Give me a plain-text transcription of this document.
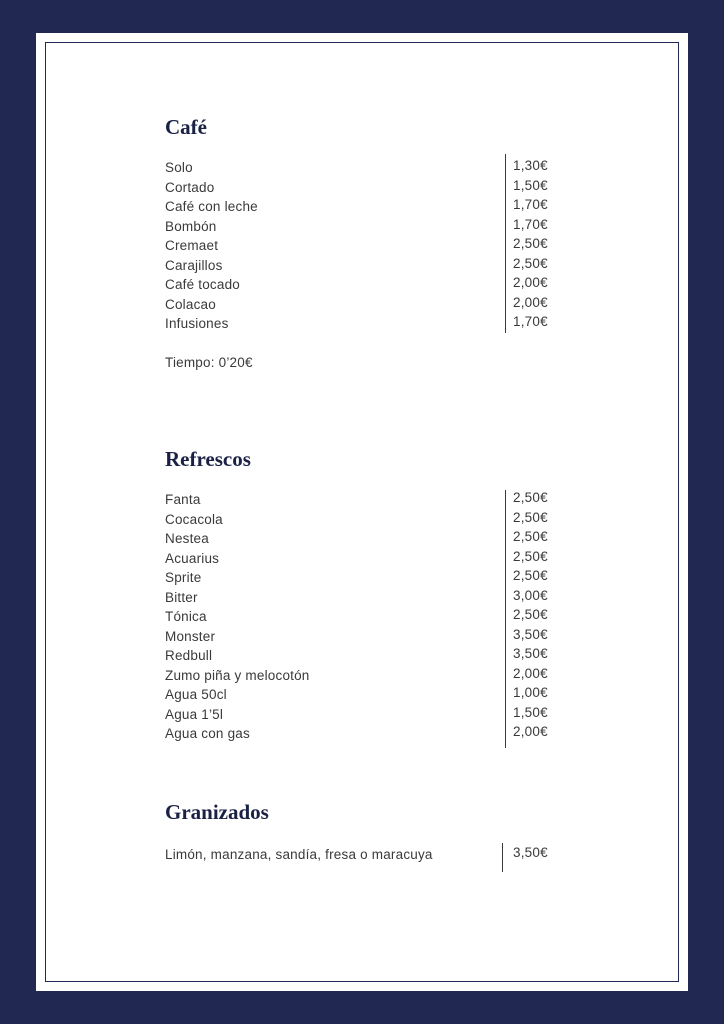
Café
Solo	1,30€
Cortado	1,50€
Café con leche	1,70€
Bombón	1,70€
Cremaet	2,50€
Carajillos	2,50€
Café tocado	2,00€
Colacao	2,00€
Infusiones	1,70€
Tiempo: 0’20€
Refrescos
Fanta	2,50€
Cocacola	2,50€
Nestea	2,50€
Acuarius	2,50€
Sprite	2,50€
Bitter	3,00€
Tónica	2,50€
Monster	3,50€
Redbull	3,50€
Zumo piña y melocotón	2,00€
Agua 50cl	1,00€
Agua 1’5l	1,50€
Agua con gas	2,00€
Granizados
Limón, manzana, sandía, fresa o maracuya	3,50€
